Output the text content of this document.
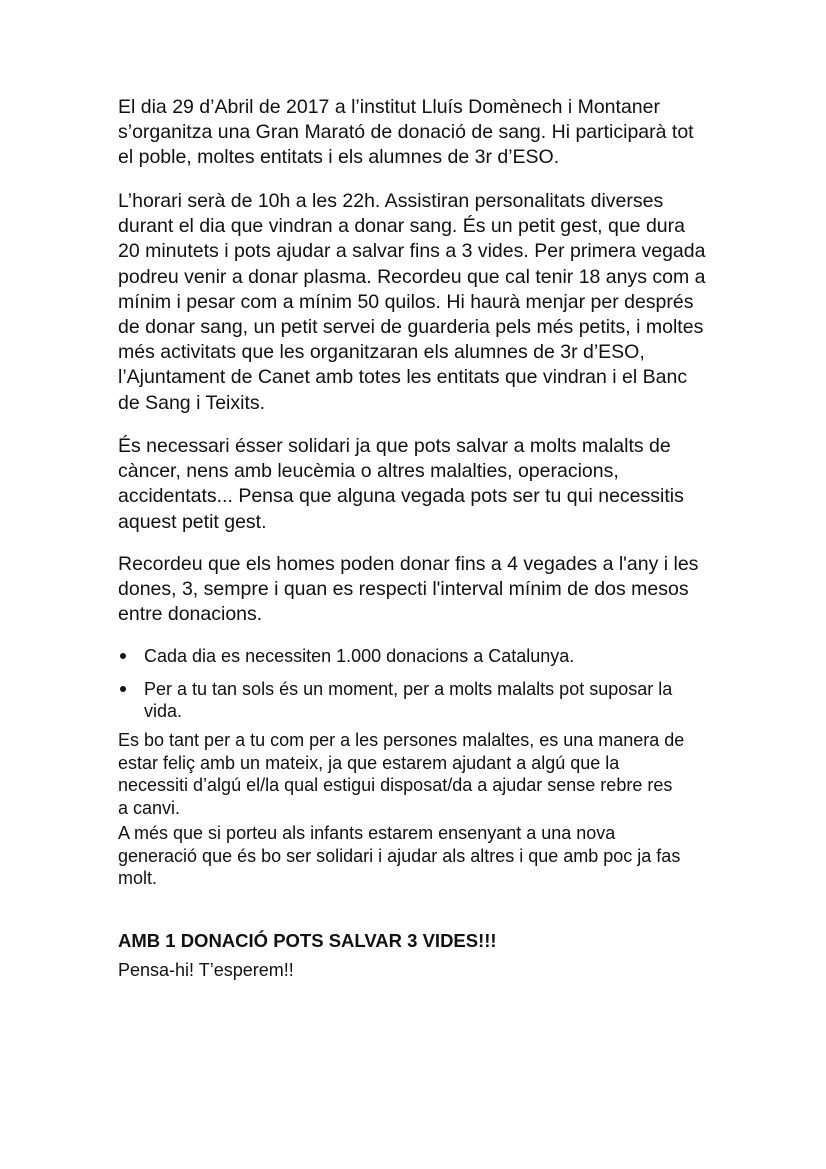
El dia 29 d’Abril de 2017 a l’institut Lluís Domènech i Montaner
s’organitza una Gran Marató de donació de sang. Hi participarà tot
el poble, moltes entitats i els alumnes de 3r d’ESO.

L’horari serà de 10h a les 22h. Assistiran personalitats diverses
durant el dia que vindran a donar sang. És un petit gest, que dura
20 minutets i pots ajudar a salvar fins a 3 vides. Per primera vegada
podreu venir a donar plasma. Recordeu que cal tenir 18 anys com a
mínim i pesar com a mínim 50 quilos. Hi haurà menjar per després
de donar sang, un petit servei de guarderia pels més petits, i moltes
més activitats que les organitzaran els alumnes de 3r d’ESO,
l’Ajuntament de Canet amb totes les entitats que vindran i el Banc
de Sang i Teixits.

És necessari ésser solidari ja que pots salvar a molts malalts de
càncer, nens amb leucèmia o altres malalties, operacions,
accidentats... Pensa que alguna vegada pots ser tu qui necessitis
aquest petit gest.

Recordeu que els homes poden donar fins a 4 vegades a l'any i les
dones, 3, sempre i quan es respecti l'interval mínim de dos mesos
entre donacions.

Cada dia es necessiten 1.000 donacions a Catalunya.
Per a tu tan sols és un moment, per a molts malalts pot suposar la
vida.

Es bo tant per a tu com per a les persones malaltes, es una manera de
estar feliç amb un mateix, ja que estarem ajudant a algú que la
necessiti d’algú el/la qual estigui disposat/da a ajudar sense rebre res
a canvi.

A més que si porteu als infants estarem ensenyant a una nova
generació que és bo ser solidari i ajudar als altres i que amb poc ja fas
molt.

AMB 1 DONACIÓ POTS SALVAR 3 VIDES!!!

Pensa-hi! T’esperem!!
